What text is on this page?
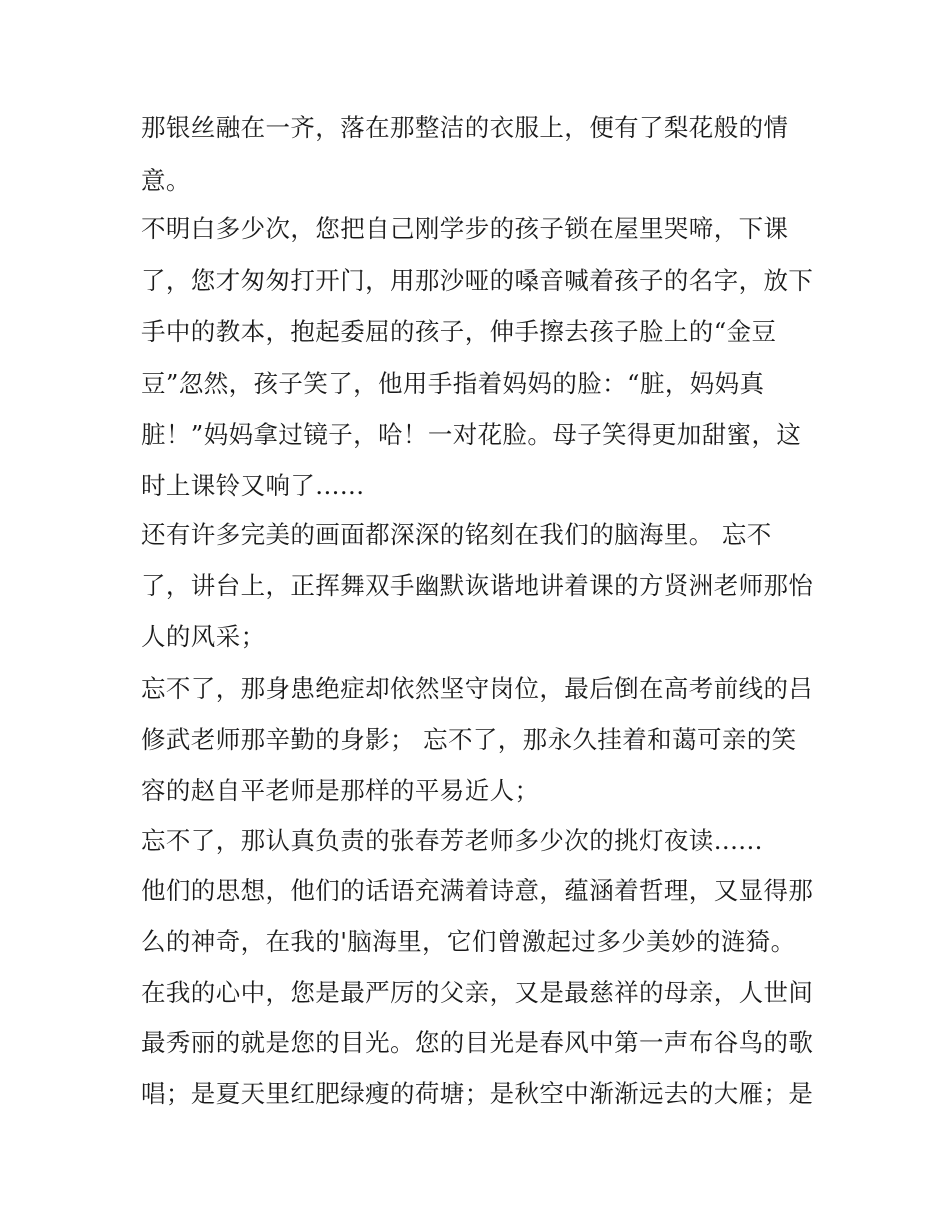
那银丝融在一齐，落在那整洁的衣服上，便有了梨花般的情
意。
不明白多少次，您把自己刚学步的孩子锁在屋里哭啼，下课
了，您才匆匆打开门，用那沙哑的嗓音喊着孩子的名字，放下
手中的教本，抱起委屈的孩子，伸手擦去孩子脸上的“金豆
豆”忽然，孩子笑了，他用手指着妈妈的脸：“脏，妈妈真
脏！”妈妈拿过镜子，哈！一对花脸。母子笑得更加甜蜜，这
时上课铃又响了......
还有许多完美的画面都深深的铭刻在我们的脑海里。 忘不
了，讲台上，正挥舞双手幽默诙谐地讲着课的方贤洲老师那怡
人的风采；
忘不了，那身患绝症却依然坚守岗位，最后倒在高考前线的吕
修武老师那辛勤的身影； 忘不了，那永久挂着和蔼可亲的笑
容的赵自平老师是那样的平易近人；
忘不了，那认真负责的张春芳老师多少次的挑灯夜读......
他们的思想，他们的话语充满着诗意，蕴涵着哲理，又显得那
么的神奇，在我的'脑海里，它们曾激起过多少美妙的涟猗。
在我的心中，您是最严厉的父亲，又是最慈祥的母亲，人世间
最秀丽的就是您的目光。您的目光是春风中第一声布谷鸟的歌
唱；是夏天里红肥绿瘦的荷塘；是秋空中渐渐远去的大雁；是
